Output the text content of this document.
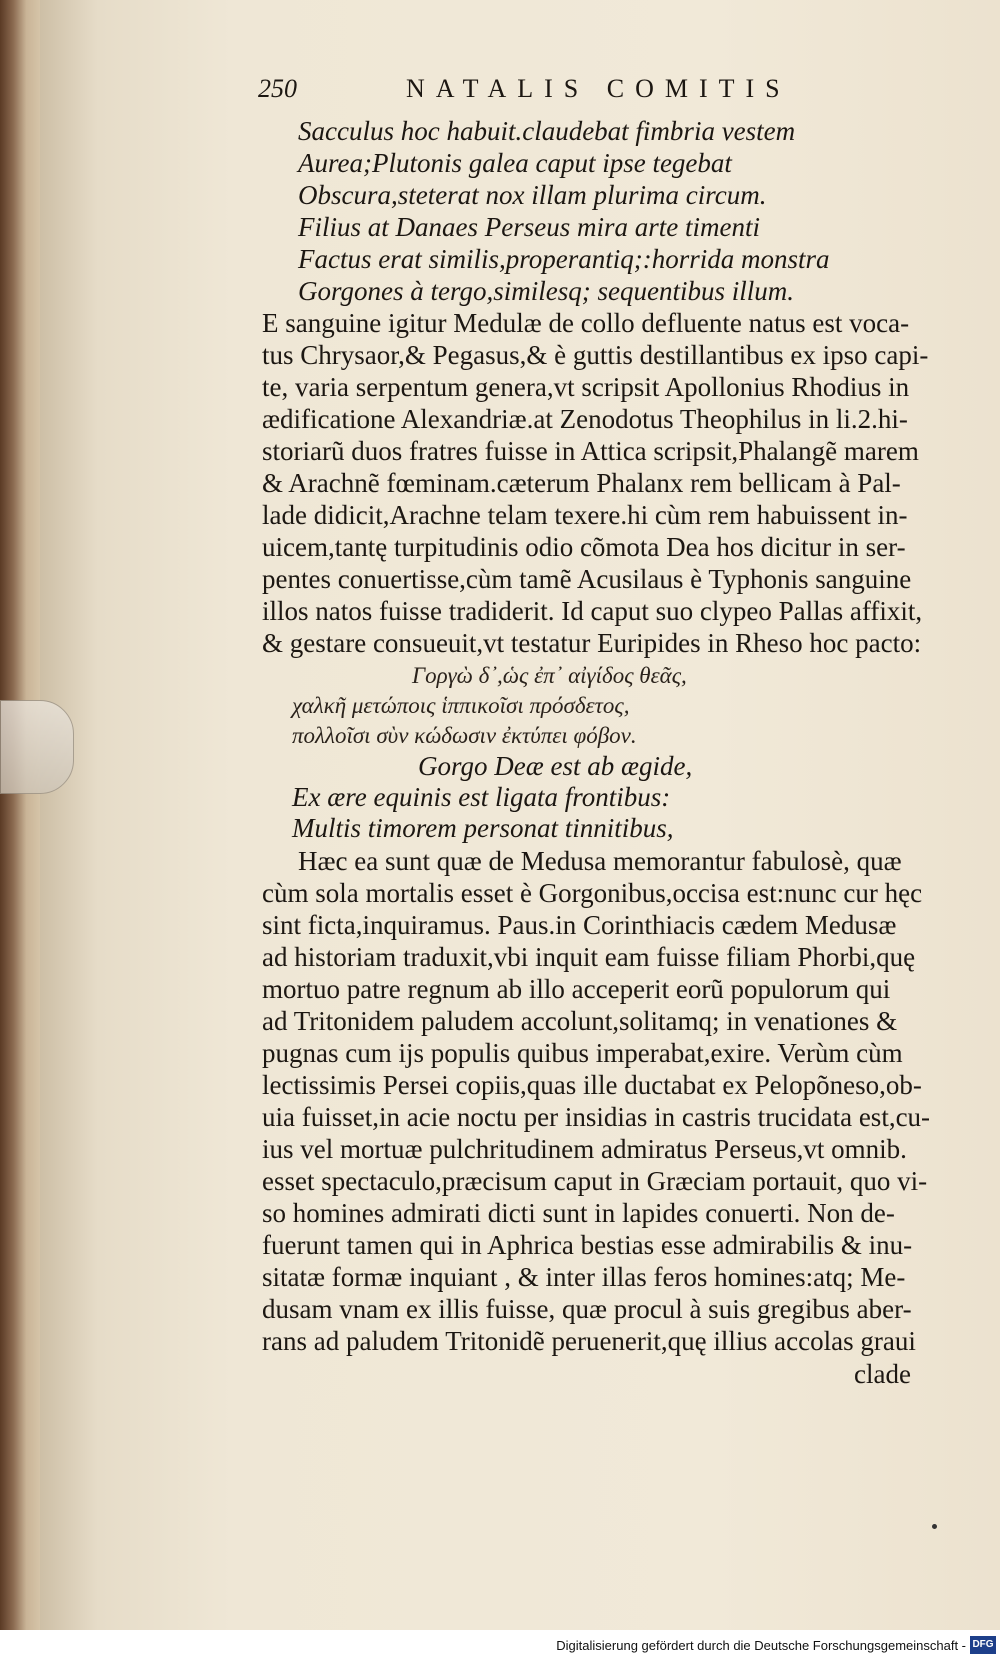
250	NATALIS COMITIS
Sacculus hoc habuit.claudebat fimbria vestem
Aurea;Plutonis galea caput ipse tegebat
Obscura,steterat nox illam plurima circum.
Filius at Danaes Perseus mira arte timenti
Factus erat similis,properantiq;:horrida monstra
Gorgones à tergo,similesq; sequentibus illum.
E sanguine igitur Medulæ de collo defluente natus est voca-
tus Chrysaor,& Pegasus,& è guttis destillantibus ex ipso capi-
te, varia serpentum genera,vt scripsit Apollonius Rhodius in
ædificatione Alexandriæ.at Zenodotus Theophilus in li.2.hi-
storiarũ duos fratres fuisse in Attica scripsit,Phalangẽ marem
& Arachnẽ fœminam.cæterum Phalanx rem bellicam à Pal-
lade didicit,Arachne telam texere.hi cùm rem habuissent in-
uicem,tantę turpitudinis odio cõmota Dea hos dicitur in ser-
pentes conuertisse,cùm tamẽ Acusilaus è Typhonis sanguine
illos natos fuisse tradiderit. Id caput suo clypeo Pallas affixit,
& gestare consueuit,vt testatur Euripides in Rheso hoc pacto:
Γοργὼ δ᾽,ὡς ἐπ᾽ αἰγίδος θεᾶς,
χαλκῆ μετώποις ἱππικοῖσι πρόσδετος,
πολλοῖσι σὺν κώδωσιν ἐκτύπει φόβον.
Gorgo Deæ est ab ægide,
Ex ære equinis est ligata frontibus:
Multis timorem personat tinnitibus,
Hæc ea sunt quæ de Medusa memorantur fabulosè, quæ
cùm sola mortalis esset è Gorgonibus,occisa est:nunc cur hęc
sint ficta,inquiramus. Paus.in Corinthiacis cædem Medusæ
ad historiam traduxit,vbi inquit eam fuisse filiam Phorbi,quę
mortuo patre regnum ab illo acceperit eorũ populorum qui
ad Tritonidem paludem accolunt,solitamq; in venationes &
pugnas cum ijs populis quibus imperabat,exire. Verùm cùm
lectissimis Persei copiis,quas ille ductabat ex Pelopõneso,ob-
uia fuisset,in acie noctu per insidias in castris trucidata est,cu-
ius vel mortuæ pulchritudinem admiratus Perseus,vt omnib.
esset spectaculo,præcisum caput in Græciam portauit, quo vi-
so homines admirati dicti sunt in lapides conuerti. Non de-
fuerunt tamen qui in Aphrica bestias esse admirabilis & inu-
sitatæ formæ inquiant , & inter illas feros homines:atq; Me-
dusam vnam ex illis fuisse, quæ procul à suis gregibus aber-
rans ad paludem Tritonidẽ peruenerit,quę illius accolas graui
clade
Digitalisierung gefördert durch die Deutsche Forschungsgemeinschaft - DFG
